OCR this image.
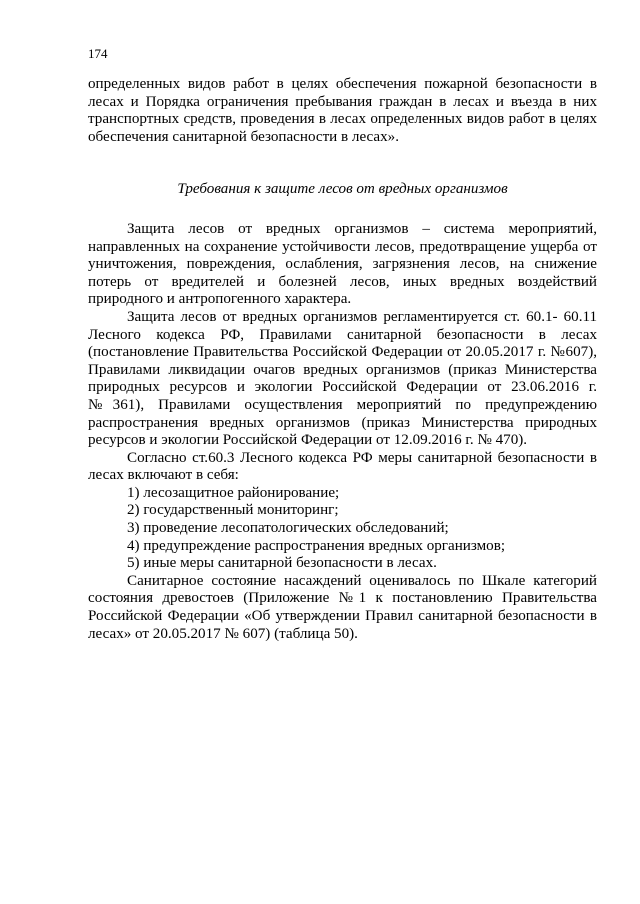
174

определенных видов работ в целях обеспечения пожарной безопасности в лесах и Порядка ограничения пребывания граждан в лесах и въезда в них транспортных средств, проведения в лесах определенных видов работ в целях обеспечения санитарной безопасности в лесах».

Требования к защите лесов от вредных организмов

Защита лесов от вредных организмов – система мероприятий, направленных на сохранение устойчивости лесов, предотвращение ущерба от уничтожения, повреждения, ослабления, загрязнения лесов, на снижение потерь от вредителей и болезней лесов, иных вредных воздействий природного и антропогенного характера.

Защита лесов от вредных организмов регламентируется ст. 60.1- 60.11 Лесного кодекса РФ, Правилами санитарной безопасности в лесах (постановление Правительства Российской Федерации от 20.05.2017 г. №607), Правилами ликвидации очагов вредных организмов (приказ Министерства природных ресурсов и экологии Российской Федерации от 23.06.2016 г. №361), Правилами осуществления мероприятий по предупреждению распространения вредных организмов (приказ Министерства природных ресурсов и экологии Российской Федерации от 12.09.2016 г. № 470).

Согласно ст.60.3 Лесного кодекса РФ меры санитарной безопасности в лесах включают в себя:

1) лесозащитное районирование;
2) государственный мониторинг;
3) проведение лесопатологических обследований;
4) предупреждение распространения вредных организмов;
5) иные меры санитарной безопасности в лесах.

Санитарное состояние насаждений оценивалось по Шкале категорий состояния древостоев (Приложение №1 к постановлению Правительства Российской Федерации «Об утверждении Правил санитарной безопасности в лесах» от 20.05.2017 № 607) (таблица 50).
